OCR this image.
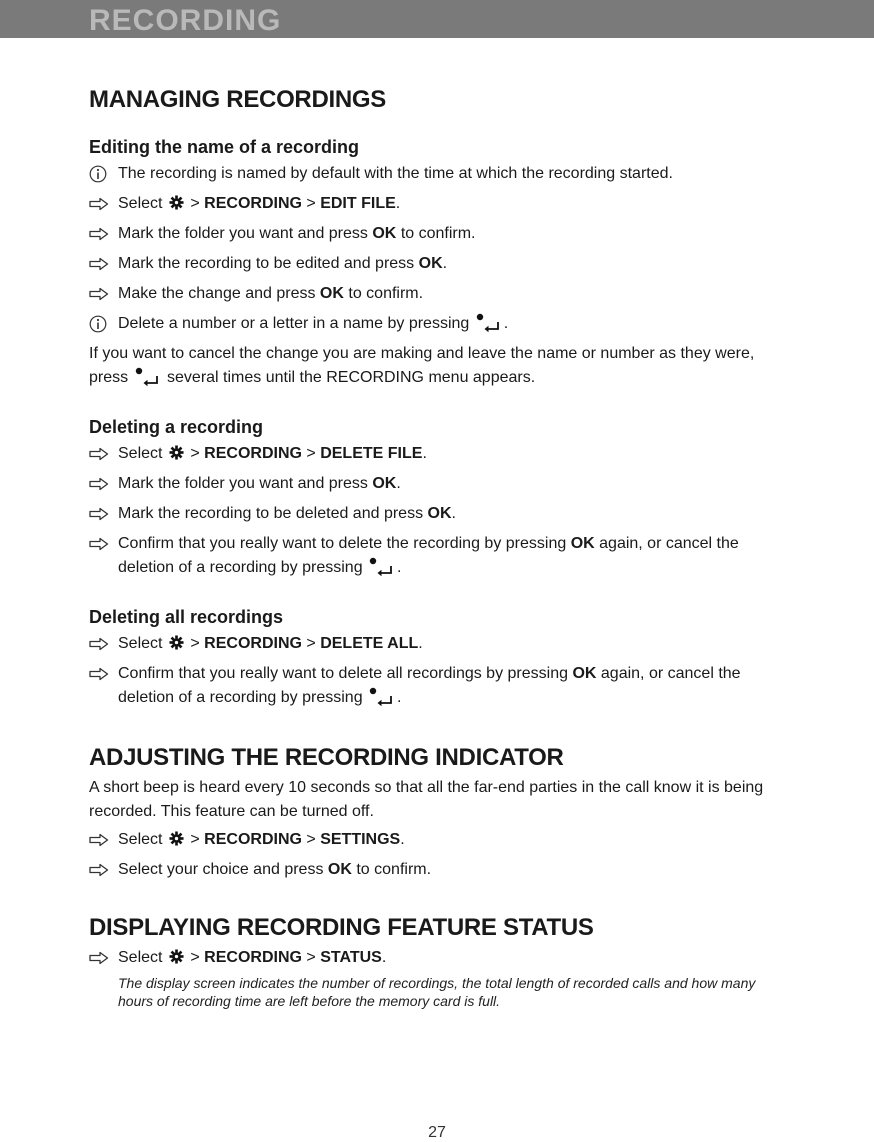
RECORDING
MANAGING RECORDINGS
Editing the name of a recording
The recording is named by default with the time at which the recording started.
Select > RECORDING > EDIT FILE.
Mark the folder you want and press OK to confirm.
Mark the recording to be edited and press OK.
Make the change and press OK to confirm.
Delete a number or a letter in a name by pressing .

If you want to cancel the change you are making and leave the name or number as they were, press several times until the RECORDING menu appears.

Deleting a recording
Select > RECORDING > DELETE FILE.
Mark the folder you want and press OK.
Mark the recording to be deleted and press OK.
Confirm that you really want to delete the recording by pressing OK again, or cancel the deletion of a recording by pressing .
Deleting all recordings
Select > RECORDING > DELETE ALL.
Confirm that you really want to delete all recordings by pressing OK again, or cancel the deletion of a recording by pressing .
ADJUSTING THE RECORDING INDICATOR

A short beep is heard every 10 seconds so that all the far-end parties in the call know it is being recorded. This feature can be turned off.

Select > RECORDING > SETTINGS.
Select your choice and press OK to confirm.
DISPLAYING RECORDING FEATURE STATUS
Select > RECORDING > STATUS.

The display screen indicates the number of recordings, the total length of recorded calls and how many hours of recording time are left before the memory card is full.

27
